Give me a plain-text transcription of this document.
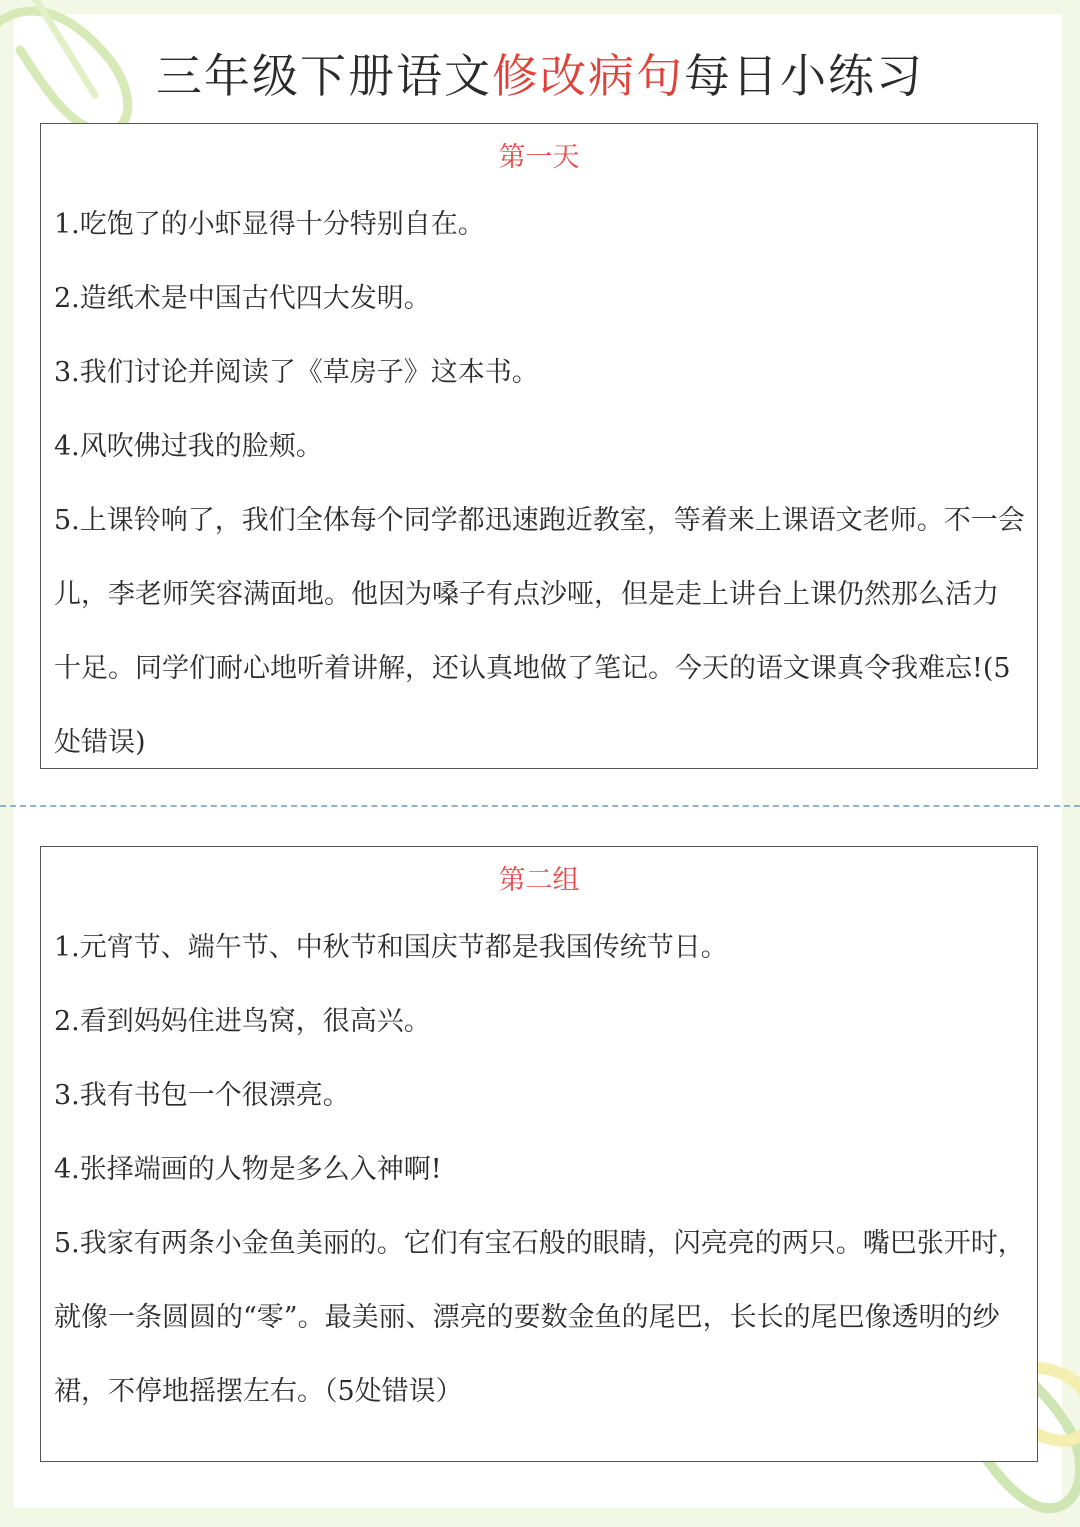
三年级下册语文修改病句每日小练习
第一天
1.吃饱了的小虾显得十分特别自在。
2.造纸术是中国古代四大发明。
3.我们讨论并阅读了《草房子》这本书。
4.风吹佛过我的脸颊。
5.上课铃响了，我们全体每个同学都迅速跑近教室，等着来上课语文老师。不一会儿，李老师笑容满面地。他因为嗓子有点沙哑，但是走上讲台上课仍然那么活力十足。同学们耐心地听着讲解，还认真地做了笔记。今天的语文课真令我难忘!(5处错误)
第二组
1.元宵节、端午节、中秋节和国庆节都是我国传统节日。
2.看到妈妈住进鸟窝，很高兴。
3.我有书包一个很漂亮。
4.张择端画的人物是多么入神啊!
5.我家有两条小金鱼美丽的。它们有宝石般的眼睛，闪亮亮的两只。嘴巴张开时，就像一条圆圆的“零”。最美丽、漂亮的要数金鱼的尾巴，长长的尾巴像透明的纱裙，不停地摇摆左右。（5处错误）
